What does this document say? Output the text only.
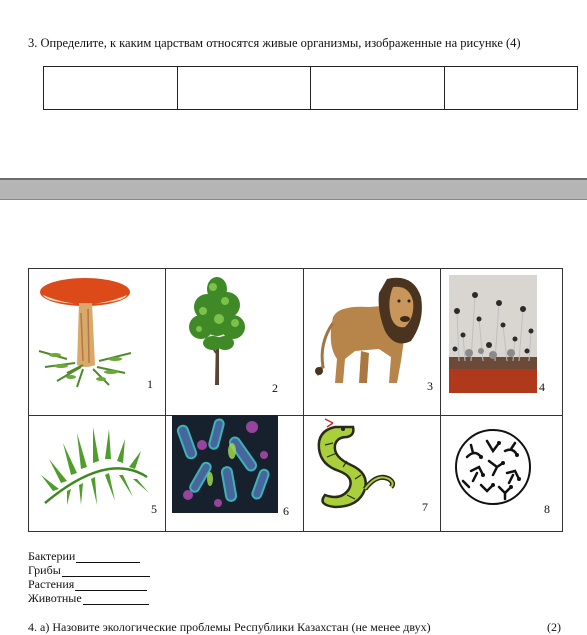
3. Определите, к каким царствам относятся живые организмы, изображенные на рисунке (4)
1	2	3	4
5	6	7	8
Бактерии
Грибы
Растения
Животные
4. а) Назовите экологические проблемы Республики Казахстан (не менее двух)	(2)
